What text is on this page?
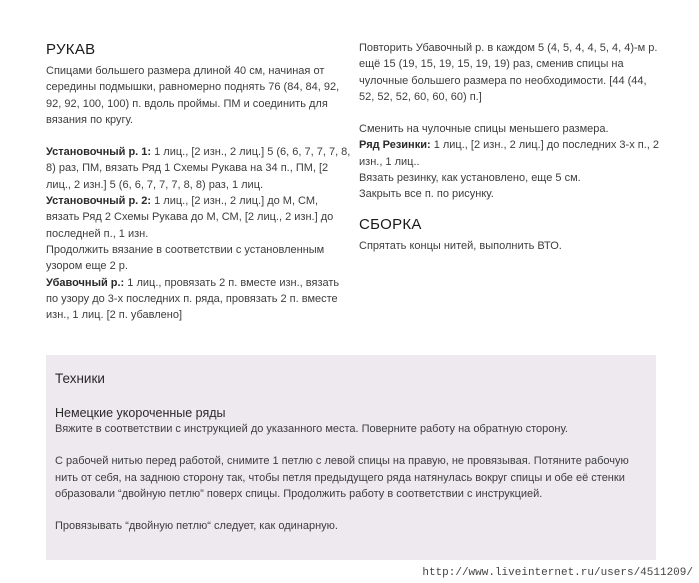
РУКАВ

Спицами большего размера длиной 40 см, начиная от середины подмышки, равномерно поднять 76 (84, 84, 92, 92, 92, 100, 100) п. вдоль проймы. ПМ и соединить для вязания по кругу.

Установочный р. 1: 1 лиц., [2 изн., 2 лиц.] 5 (6, 6, 7, 7, 7, 8, 8) раз, ПМ, вязать Ряд 1 Схемы Рукава на 34 п., ПМ, [2 лиц., 2 изн.] 5 (6, 6, 7, 7, 7, 8, 8) раз, 1 лиц.

Установочный р. 2: 1 лиц., [2 изн., 2 лиц.] до М, СМ, вязать Ряд 2 Схемы Рукава до М, СМ, [2 лиц., 2 изн.] до последней п., 1 изн.

Продолжить вязание в соответствии с установленным узором еще 2 р.

Убавочный р.: 1 лиц., провязать 2 п. вместе изн., вязать по узору до 3-х последних п. ряда, провязать 2 п. вместе изн., 1 лиц. [2 п. убавлено]

Повторить Убавочный р. в каждом 5 (4, 5, 4, 4, 5, 4, 4)-м р. ещё 15 (19, 15, 19, 15, 19, 19) раз, сменив спицы на чулочные большего размера по необходимости. [44 (44, 52, 52, 52, 60, 60, 60) п.]

Сменить на чулочные спицы меньшего размера.

Ряд Резинки: 1 лиц., [2 изн., 2 лиц.] до последних 3-х п., 2 изн., 1 лиц..

Вязать резинку, как установлено, еще 5 см.

Закрыть все п. по рисунку.

СБОРКА

Спрятать концы нитей, выполнить ВТО.

Техники
Немецкие укороченные ряды

Вяжите в соответствии с инструкцией до указанного места. Поверните работу на обратную сторону.

С рабочей нитью перед работой, снимите 1 петлю с левой спицы на правую, не провязывая. Потяните рабочую нить от себя, на заднюю сторону так, чтобы петля предыдущего ряда натянулась вокруг спицы и обе её стенки образовали “двойную петлю” поверх спицы. Продолжить работу в соответствии с инструкцией.

Провязывать “двойную петлю“ следует, как одинарную.

http://www.liveinternet.ru/users/4511209/
